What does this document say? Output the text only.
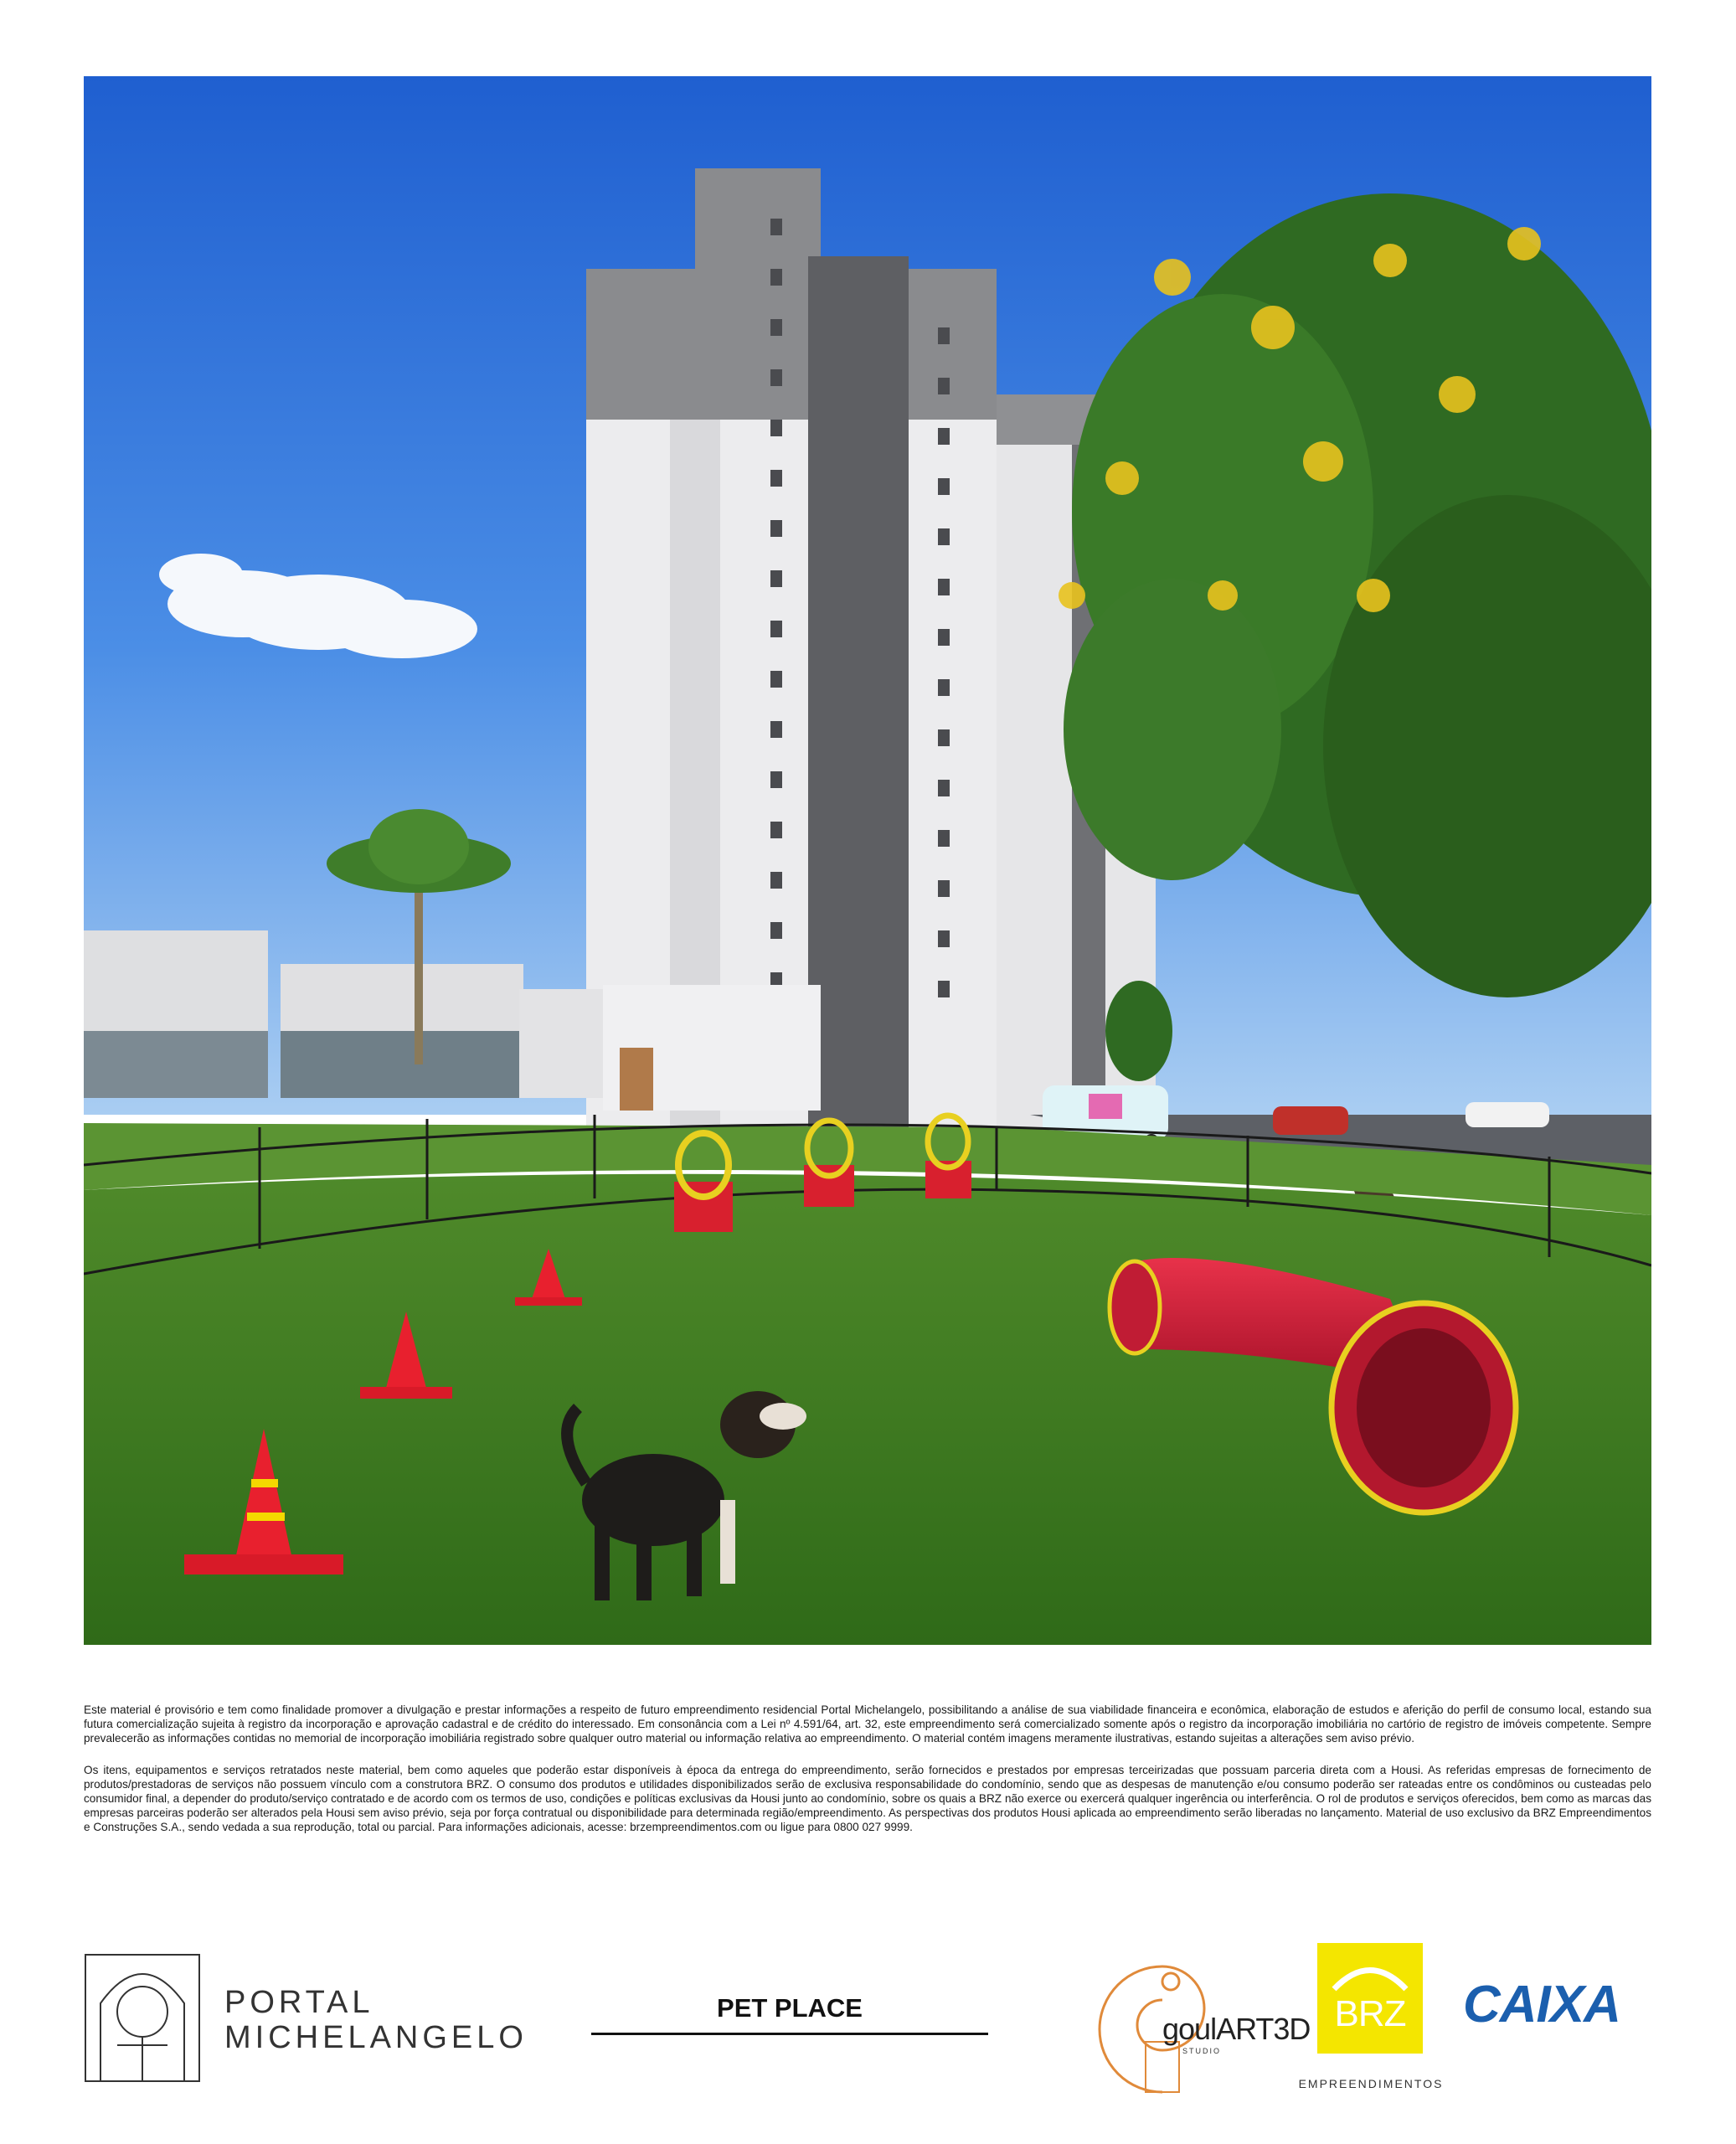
Este material é provisório e tem como finalidade promover a divulgação e prestar informações a respeito de futuro empreendimento residencial Portal Michelangelo, possibilitando a análise de sua viabilidade financeira e econômica, elaboração de estudos e aferição do perfil de consumo local, estando sua futura comercialização sujeita à registro da incorporação e aprovação cadastral e de crédito do interessado. Em consonância com a Lei nº 4.591/64, art. 32, este empreendimento será comercializado somente após o registro da incorporação imobiliária no cartório de registro de imóveis competente. Sempre prevalecerão as informações contidas no memorial de incorporação imobiliária registrado sobre qualquer outro material ou informação relativa ao empreendimento. O material contém imagens meramente ilustrativas, estando sujeitas a alterações sem aviso prévio.

Os itens, equipamentos e serviços retratados neste material, bem como aqueles que poderão estar disponíveis à época da entrega do empreendimento, serão fornecidos e prestados por empresas terceirizadas que possuam parceria direta com a Housi. As referidas empresas de fornecimento de produtos/prestadoras de serviços não possuem vínculo com a construtora BRZ. O consumo dos produtos e utilidades disponibilizados serão de exclusiva responsabilidade do condomínio, sendo que as despesas de manutenção e/ou consumo poderão ser rateadas entre os condôminos ou custeadas pelo consumidor final, a depender do produto/serviço contratado e de acordo com os termos de uso, condições e políticas exclusivas da Housi junto ao condomínio, sobre os quais a BRZ não exerce ou exercerá qualquer ingerência ou interferência. O rol de produtos e serviços oferecidos, bem como as marcas das empresas parceiras poderão ser alterados pela Housi sem aviso prévio, seja por força contratual ou disponibilidade para determinada região/empreendimento. As perspectivas dos produtos Housi aplicada ao empreendimento serão liberadas no lançamento. Material de uso exclusivo da BRZ Empreendimentos e Construções S.A., sendo vedada a sua reprodução, total ou parcial. Para informações adicionais, acesse: brzempreendimentos.com ou ligue para 0800 027 9999.

PORTAL
MICHELANGELO
PET PLACE
goulART3D
STUDIO
BRZ
EMPREENDIMENTOS
CAIXA
